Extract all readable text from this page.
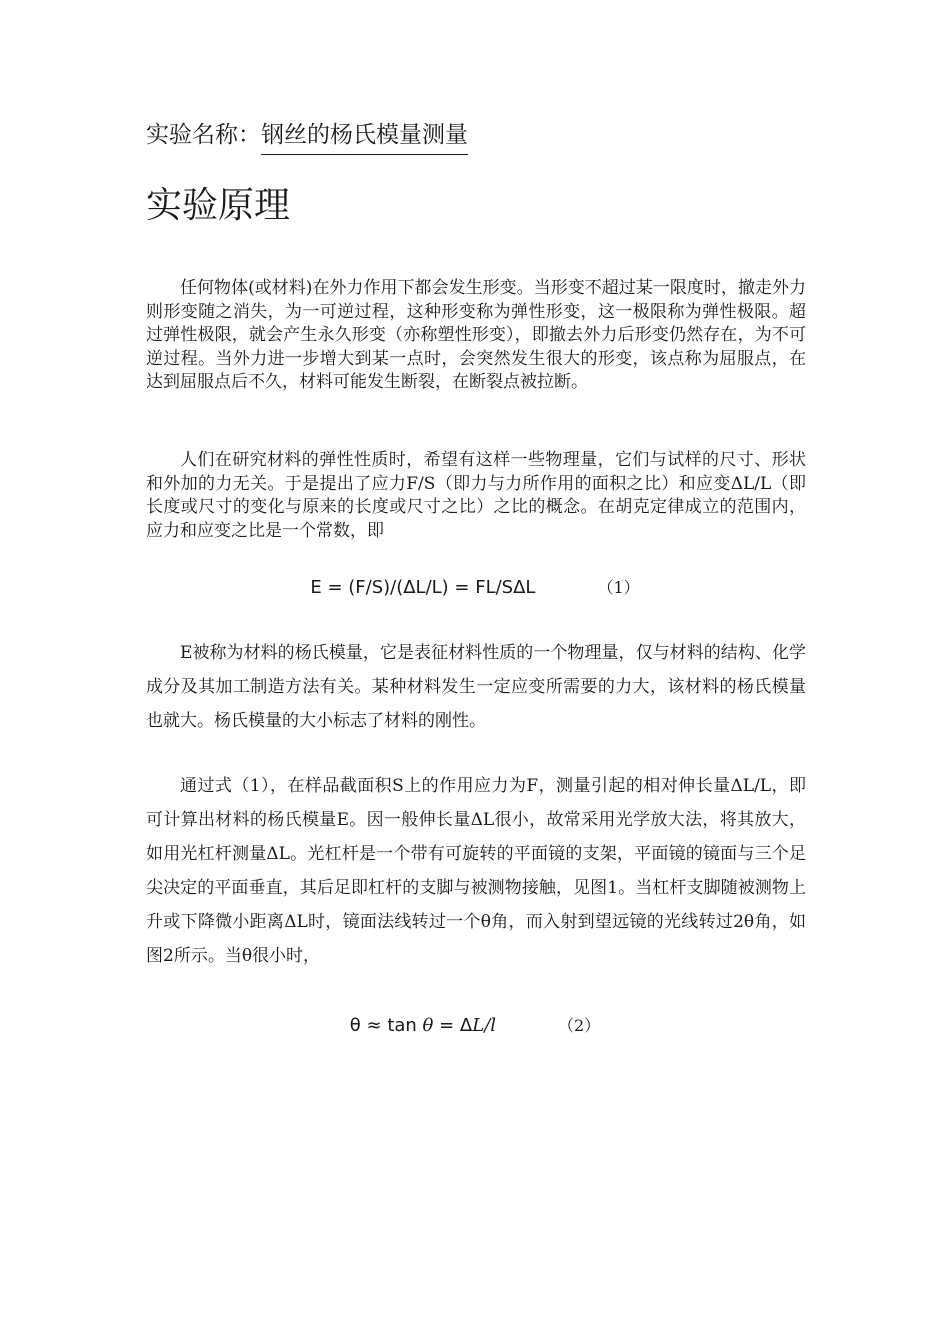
实验名称：钢丝的杨氏模量测量
实验原理

任何物体(或材料)在外力作用下都会发生形变。当形变不超过某一限度时，撤走外力则形变随之消失，为一可逆过程，这种形变称为弹性形变，这一极限称为弹性极限。超过弹性极限，就会产生永久形变（亦称塑性形变），即撤去外力后形变仍然存在，为不可逆过程。当外力进一步增大到某一点时，会突然发生很大的形变，该点称为屈服点，在达到屈服点后不久，材料可能发生断裂，在断裂点被拉断。

人们在研究材料的弹性性质时，希望有这样一些物理量，它们与试样的尺寸、形状和外加的力无关。于是提出了应力F/S（即力与力所作用的面积之比）和应变ΔL/L（即长度或尺寸的变化与原来的长度或尺寸之比）之比的概念。在胡克定律成立的范围内，应力和应变之比是一个常数，即

E = (F/S)/(ΔL/L) = FL/SΔL	（1）

E被称为材料的杨氏模量，它是表征材料性质的一个物理量，仅与材料的结构、化学成分及其加工制造方法有关。某种材料发生一定应变所需要的力大，该材料的杨氏模量也就大。杨氏模量的大小标志了材料的刚性。

通过式（1），在样品截面积S上的作用应力为F，测量引起的相对伸长量ΔL/L，即可计算出材料的杨氏模量E。因一般伸长量ΔL很小，故常采用光学放大法，将其放大，如用光杠杆测量ΔL。光杠杆是一个带有可旋转的平面镜的支架，平面镜的镜面与三个足尖决定的平面垂直，其后足即杠杆的支脚与被测物接触，见图1。当杠杆支脚随被测物上升或下降微小距离ΔL时，镜面法线转过一个θ角，而入射到望远镜的光线转过2θ角，如图2所示。当θ很小时，

θ ≈ tan θ = ΔL/l	（2）
